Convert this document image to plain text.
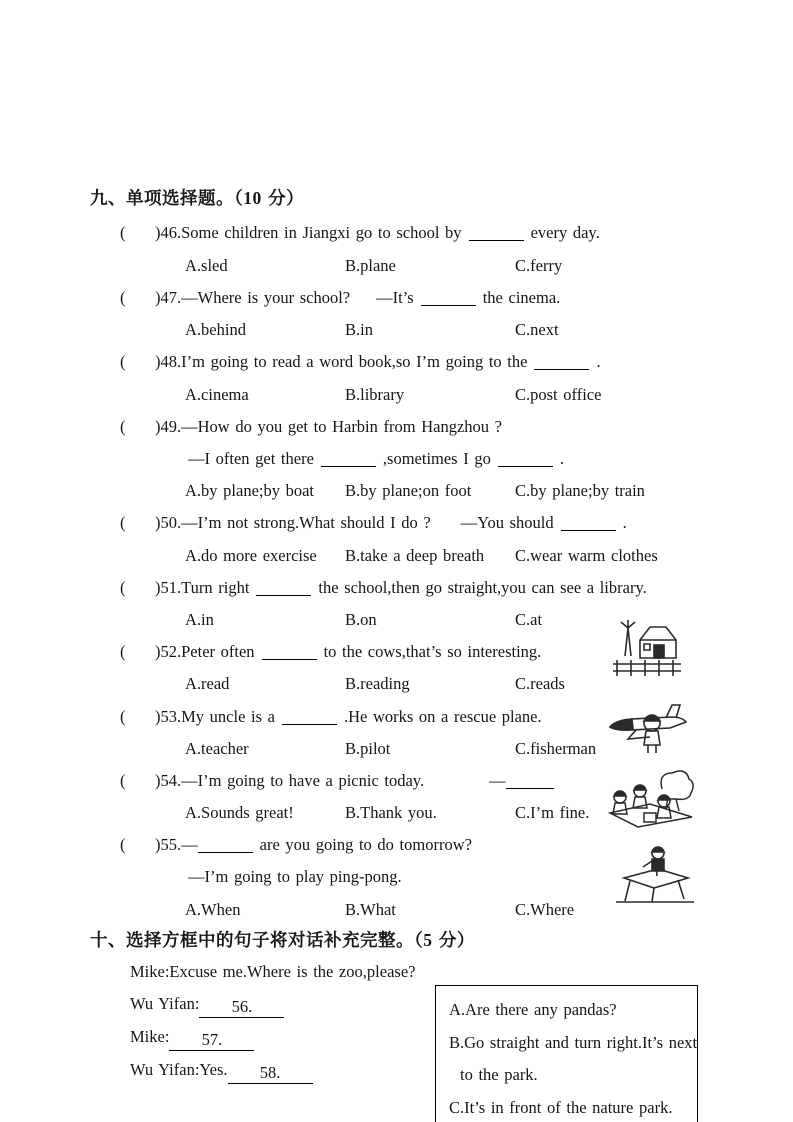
九、单项选择题。（10 分）
( )46.Some children in Jiangxi go to school by	every day.
A.sled	B.plane	C.ferry
( )47.—Where is your school? —It’s	the cinema.
A.behind	B.in	C.next
( )48.I’m going to read a word book,so I’m going to the	.
A.cinema	B.library	C.post office
( )49.—How do you get to Harbin from Hangzhou ?
—I often get there	,sometimes I go	.
A.by plane;by boat B.by plane;on foot	C.by plane;by train
( )50.—I’m not strong.What should I do ? —You should	.
A.do more exercise B.take a deep breath C.wear warm clothes
( )51.Turn right	the school,then go straight,you can see a library.
A.in	B.on	C.at
( )52.Peter often	to the cows,that’s so interesting.
A.read	B.reading	C.reads
( )53.My uncle is a	.He works on a rescue plane.
A.teacher	B.pilot	C.fisherman
( )54.—I’m going to have a picnic today.	—
A.Sounds great!	B.Thank you.	C.I’m fine.
( )55.—	are you going to do tomorrow?
—I’m going to play ping-pong.
A.When	B.What	C.Where
十、选择方框中的句子将对话补充完整。（5 分）
Mike:Excuse me.Where is the zoo,please?
Wu Yifan: 56.
Mike: 57.
Wu Yifan:Yes. 58.
A.Are there any pandas?
B.Go straight and turn right.It’s next
to the park.
C.It’s in front of the nature park.
